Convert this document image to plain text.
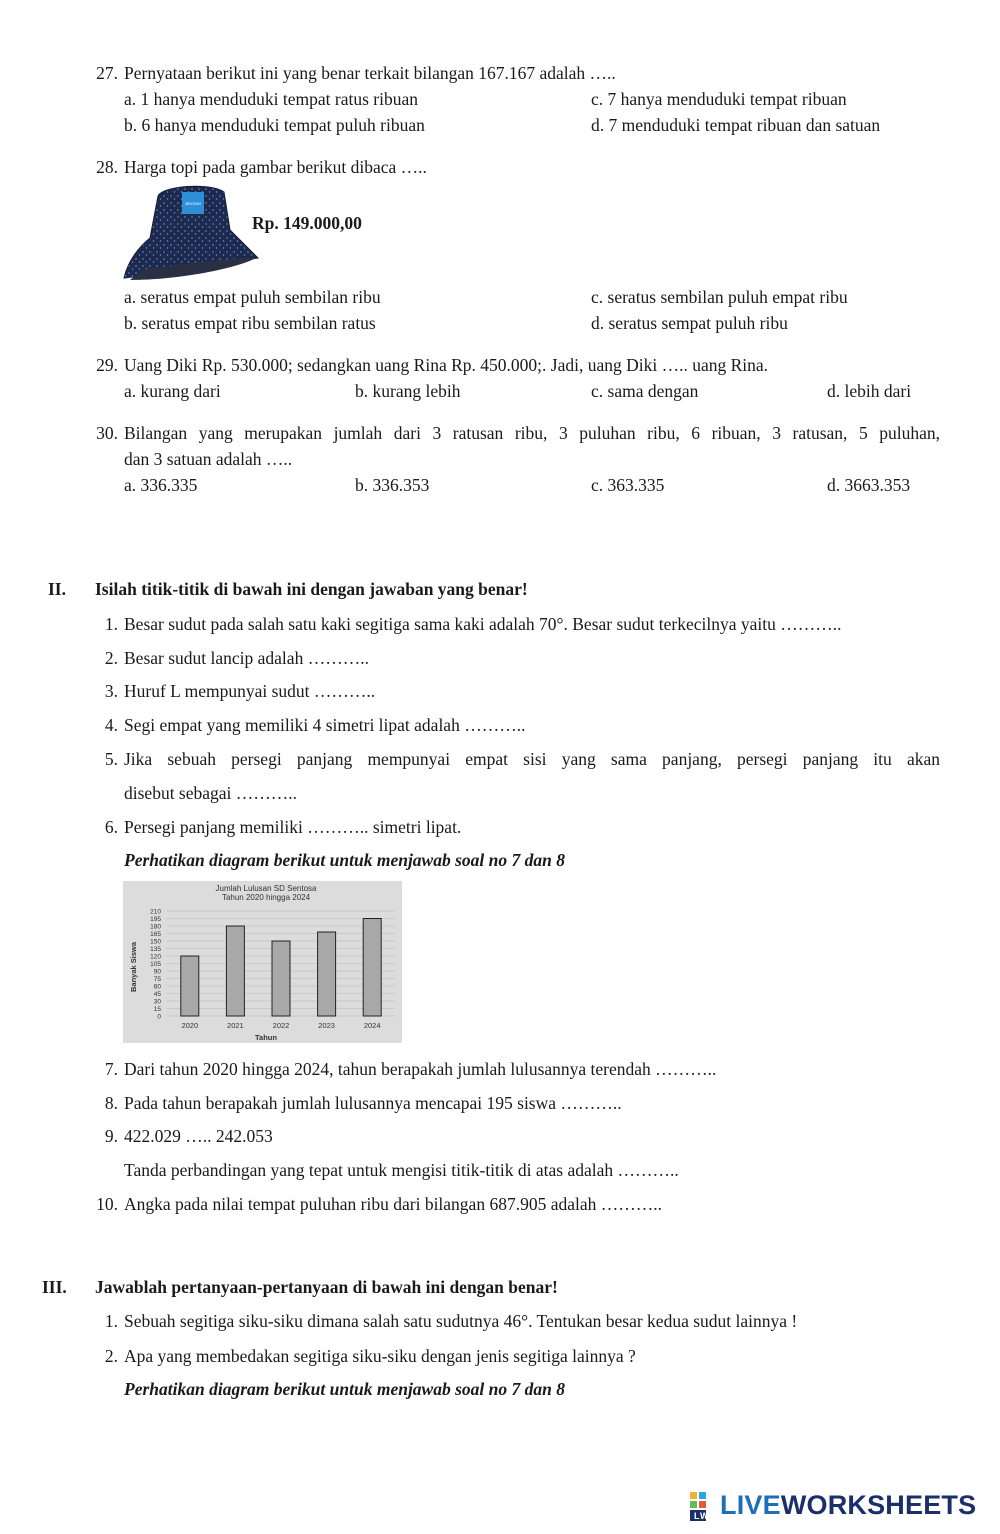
27. Pernyataan berikut ini yang benar terkait bilangan 167.167 adalah …..
a. 1 hanya menduduki tempat ratus ribuan	c. 7 hanya menduduki tempat ribuan
b. 6 hanya menduduki tempat puluh ribuan	d. 7 menduduki tempat ribuan dan satuan
28. Harga topi pada gambar berikut dibaca …..
BROWN
Rp. 149.000,00
a. seratus empat puluh sembilan ribu	c. seratus sembilan puluh empat ribu
b. seratus empat ribu sembilan ratus	d. seratus sempat puluh ribu
29. Uang Diki Rp. 530.000; sedangkan uang Rina Rp. 450.000;. Jadi, uang Diki ….. uang Rina.
a. kurang dari	b. kurang lebih	c. sama dengan	d. lebih dari
30. Bilangan yang merupakan jumlah dari 3 ratusan ribu, 3 puluhan ribu, 6 ribuan, 3 ratusan, 5 puluhan,
dan 3 satuan adalah …..
a. 336.335	b. 336.353	c. 363.335	d. 3663.353
II. Isilah titik-titik di bawah ini dengan jawaban yang benar!
1. Besar sudut pada salah satu kaki segitiga sama kaki adalah 70°. Besar sudut terkecilnya yaitu ………..
2. Besar sudut lancip adalah ………..
3. Huruf L mempunyai sudut ………..
4. Segi empat yang memiliki 4 simetri lipat adalah ………..
5. Jika sebuah persegi panjang mempunyai empat sisi yang sama panjang, persegi panjang itu akan
disebut sebagai ………..
6. Persegi panjang memiliki ……….. simetri lipat.
Perhatikan diagram berikut untuk menjawab soal no 7 dan 8
Jumlah Lulusan SD Sentosa
Tahun 2020 hingga 2024
0
15
30
45
60
75
90
105
120
135
150
165
180
195
210
2020	2021	2022	2023	2024
Tahun
Banyak Siswa
7. Dari tahun 2020 hingga 2024, tahun berapakah jumlah lulusannya terendah ………..
8. Pada tahun berapakah jumlah lulusannya mencapai 195 siswa ………..
9. 422.029 ….. 242.053
Tanda perbandingan yang tepat untuk mengisi titik-titik di atas adalah ………..
10. Angka pada nilai tempat puluhan ribu dari bilangan 687.905 adalah ………..
III. Jawablah pertanyaan-pertanyaan di bawah ini dengan benar!
1. Sebuah segitiga siku-siku dimana salah satu sudutnya 46°. Tentukan besar kedua sudut lainnya !
2. Apa yang membedakan segitiga siku-siku dengan jenis segitiga lainnya ?
Perhatikan diagram berikut untuk menjawab soal no 7 dan 8
L W LIVEWORKSHEETS
